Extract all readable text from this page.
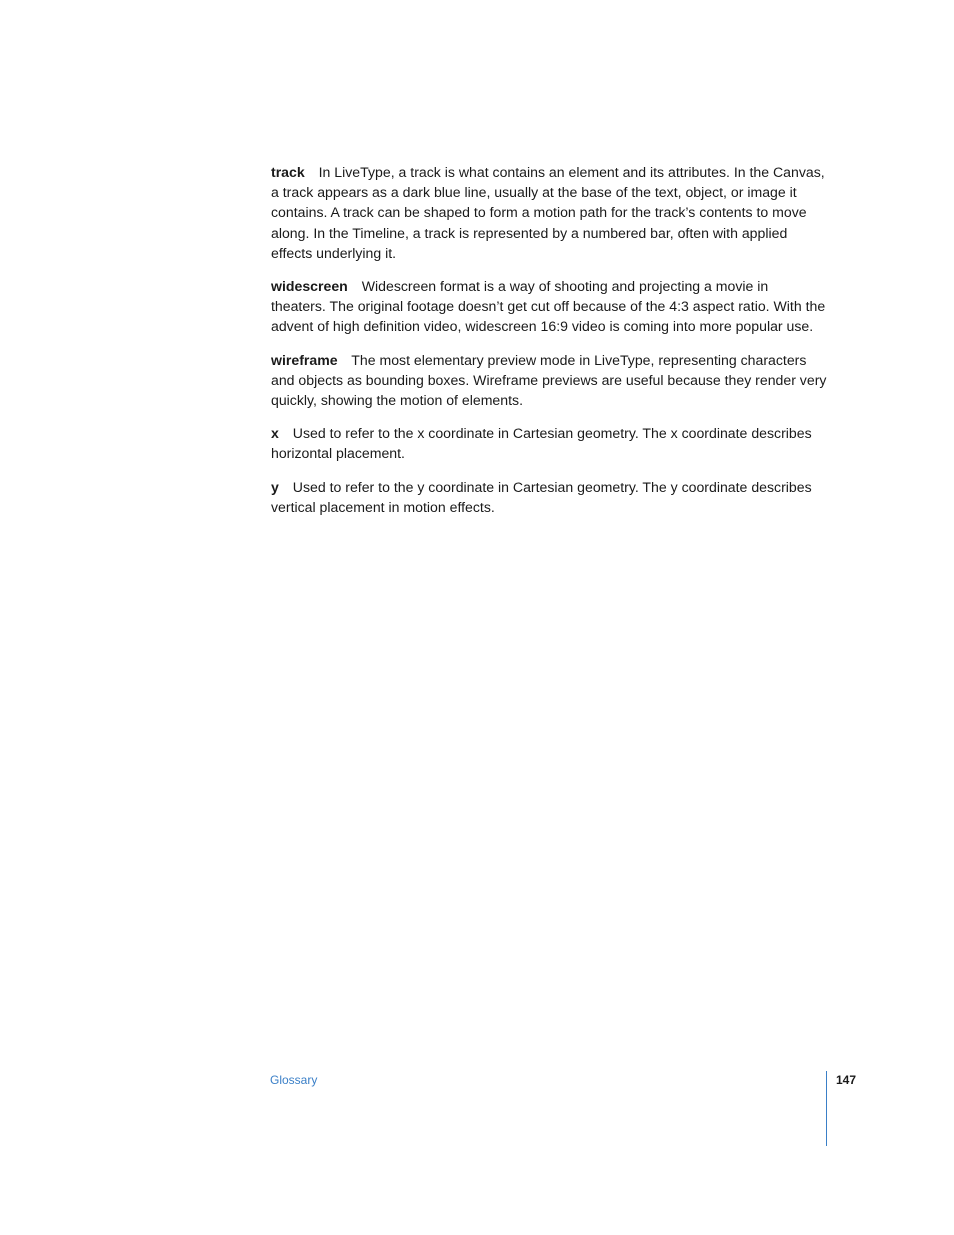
track In LiveType, a track is what contains an element and its attributes. In the Canvas, a track appears as a dark blue line, usually at the base of the text, object, or image it contains. A track can be shaped to form a motion path for the track’s contents to move along. In the Timeline, a track is represented by a numbered bar, often with applied effects underlying it.

widescreen Widescreen format is a way of shooting and projecting a movie in theaters. The original footage doesn’t get cut off because of the 4:3 aspect ratio. With the advent of high definition video, widescreen 16:9 video is coming into more popular use.

wireframe The most elementary preview mode in LiveType, representing characters and objects as bounding boxes. Wireframe previews are useful because they render very quickly, showing the motion of elements.

x Used to refer to the x coordinate in Cartesian geometry. The x coordinate describes horizontal placement.

y Used to refer to the y coordinate in Cartesian geometry. The y coordinate describes vertical placement in motion effects.

Glossary	147
